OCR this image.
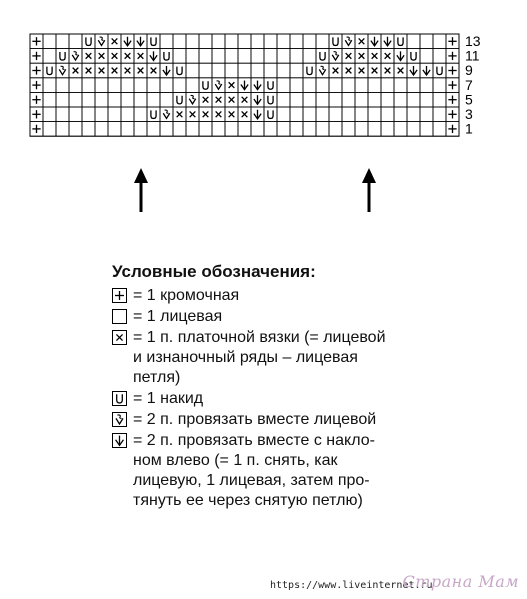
13
11
9
7
5
3
1
Условные обозначения:
= 1 кромочная
= 1 лицевая
= 1 п. платочной вязки (= лицевой
и изнаночный ряды – лицевая
петля)
= 1 накид
= 2 п. провязать вместе лицевой
= 2 п. провязать вместе с накло-
ном влево (= 1 п. снять, как
лицевую, 1 лицевая, затем про-
тянуть ее через снятую петлю)
https://www.liveinternet.ru
Страна Мам
